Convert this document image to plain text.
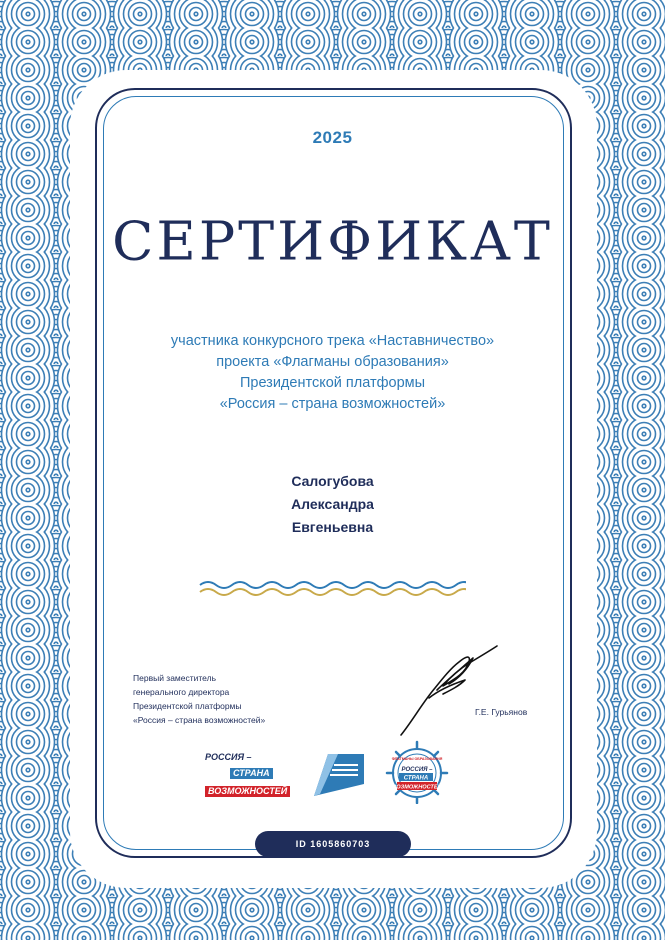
2025
СЕРТИФИКАТ
участника конкурсного трека «Наставничество»
проекта «Флагманы образования»
Президентской платформы
«Россия – страна возможностей»
Салогубова
Александра
Евгеньевна
Первый заместитель
генерального директора
Президентской платформы
«Россия – страна возможностей»
Г.Е. Гурьянов
РОССИЯ –
СТРАНА
ВОЗМОЖНОСТЕЙ
РОССИЯ –
СТРАНА
ВОЗМОЖНОСТЕЙ
ФЛАГМАНЫ ОБРАЗОВАНИЯ
ID 1605860703
